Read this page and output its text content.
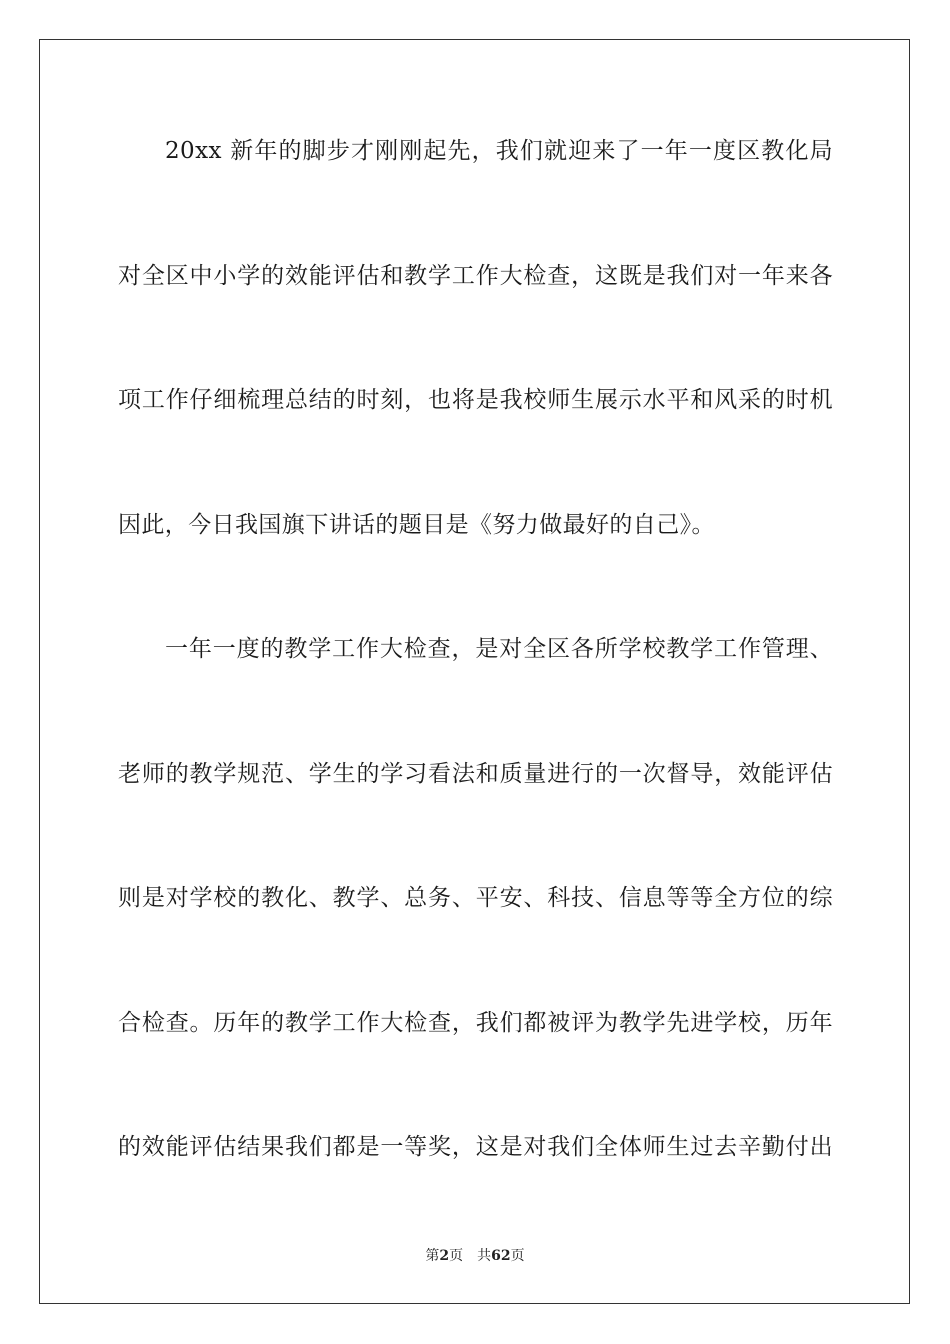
20xx 新年的脚步才刚刚起先，我们就迎来了一年一度区教化局
对全区中小学的效能评估和教学工作大检查，这既是我们对一年来各
项工作仔细梳理总结的时刻，也将是我校师生展示水平和风采的时机
因此，今日我国旗下讲话的题目是《努力做最好的自己》。
一年一度的教学工作大检查，是对全区各所学校教学工作管理、
老师的教学规范、学生的学习看法和质量进行的一次督导，效能评估
则是对学校的教化、教学、总务、平安、科技、信息等等全方位的综
合检查。历年的教学工作大检查，我们都被评为教学先进学校，历年
的效能评估结果我们都是一等奖，这是对我们全体师生过去辛勤付出
第2页　共62页
